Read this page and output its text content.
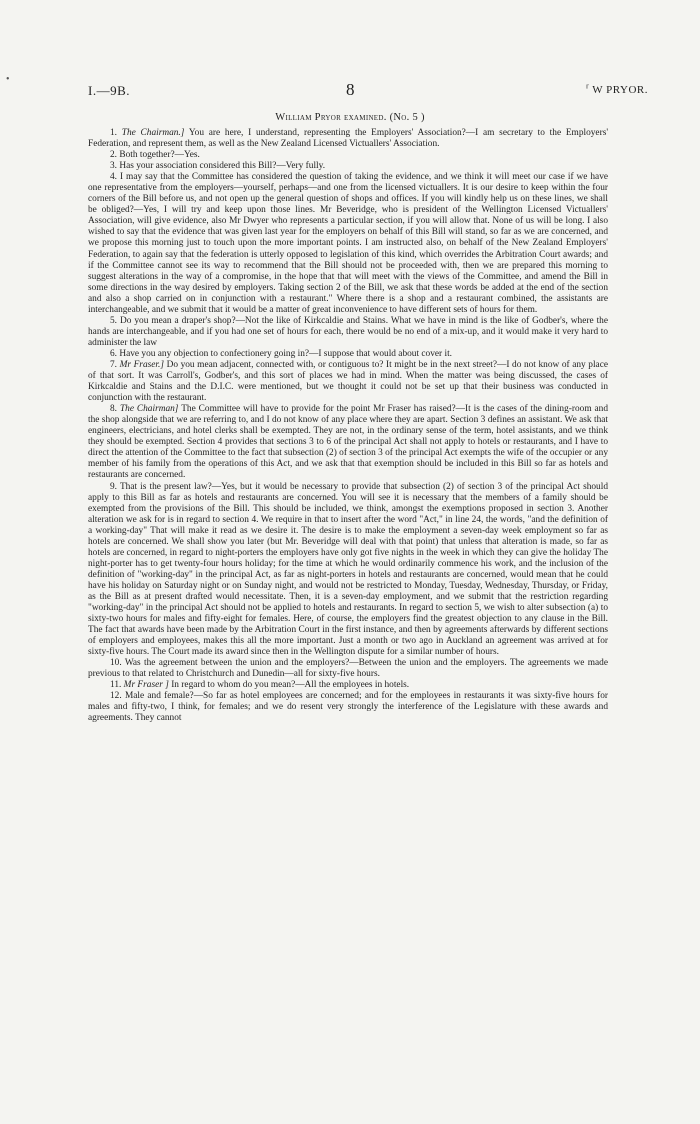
•
I.—9B.	8
⸢	W PRYOR.
William Pryor examined. (No. 5 )

1. The Chairman.] You are here, I understand, representing the Employers' Association?—I am secretary to the Employers' Federation, and represent them, as well as the New Zealand Licensed Victuallers' Association.

2. Both together?—Yes.

3. Has your association considered this Bill?—Very fully.

4. I may say that the Committee has considered the question of taking the evidence, and we think it will meet our case if we have one representative from the employers—yourself, perhaps—and one from the licensed victuallers. It is our desire to keep within the four corners of the Bill before us, and not open up the general question of shops and offices. If you will kindly help us on these lines, we shall be obliged?—Yes, I will try and keep upon those lines. Mr Beveridge, who is president of the Wellington Licensed Victuallers' Association, will give evidence, also Mr Dwyer who represents a particular section, if you will allow that. None of us will be long. I also wished to say that the evidence that was given last year for the employers on behalf of this Bill will stand, so far as we are concerned, and we propose this morning just to touch upon the more important points. I am instructed also, on behalf of the New Zealand Employers' Federation, to again say that the federation is utterly opposed to legislation of this kind, which overrides the Arbitration Court awards; and if the Committee cannot see its way to recommend that the Bill should not be proceeded with, then we are prepared this morning to suggest alterations in the way of a compromise, in the hope that that will meet with the views of the Committee, and amend the Bill in some directions in the way desired by employers. Taking section 2 of the Bill, we ask that these words be added at the end of the section and also a shop carried on in conjunction with a restaurant." Where there is a shop and a restaurant combined, the assistants are interchangeable, and we submit that it would be a matter of great inconvenience to have different sets of hours for them.

5. Do you mean a draper's shop?—Not the like of Kirkcaldie and Stains. What we have in mind is the like of Godber's, where the hands are interchangeable, and if you had one set of hours for each, there would be no end of a mix-up, and it would make it very hard to administer the law

6. Have you any objection to confectionery going in?—I suppose that would about cover it.

7. Mr Fraser.] Do you mean adjacent, connected with, or contiguous to? It might be in the next street?—I do not know of any place of that sort. It was Carroll's, Godber's, and this sort of places we had in mind. When the matter was being discussed, the cases of Kirkcaldie and Stains and the D.I.C. were mentioned, but we thought it could not be set up that their business was conducted in conjunction with the restaurant.

8. The Chairman] The Committee will have to provide for the point Mr Fraser has raised?—It is the cases of the dining-room and the shop alongside that we are referring to, and I do not know of any place where they are apart. Section 3 defines an assistant. We ask that engineers, electricians, and hotel clerks shall be exempted. They are not, in the ordinary sense of the term, hotel assistants, and we think they should be exempted. Section 4 provides that sections 3 to 6 of the principal Act shall not apply to hotels or restaurants, and I have to direct the attention of the Committee to the fact that subsection (2) of section 3 of the principal Act exempts the wife of the occupier or any member of his family from the operations of this Act, and we ask that that exemption should be included in this Bill so far as hotels and restaurants are concerned.

9. That is the present law?—Yes, but it would be necessary to provide that subsection (2) of section 3 of the principal Act should apply to this Bill as far as hotels and restaurants are concerned. You will see it is necessary that the members of a family should be exempted from the provisions of the Bill. This should be included, we think, amongst the exemptions proposed in section 3. Another alteration we ask for is in regard to section 4. We require in that to insert after the word "Act," in line 24, the words, "and the definition of a working-day" That will make it read as we desire it. The desire is to make the employment a seven-day week employment so far as hotels are concerned. We shall show you later (but Mr. Beveridge will deal with that point) that unless that alteration is made, so far as hotels are concerned, in regard to night-porters the employers have only got five nights in the week in which they can give the holiday The night-porter has to get twenty-four hours holiday; for the time at which he would ordinarily commence his work, and the inclusion of the definition of "working-day" in the principal Act, as far as night-porters in hotels and restaurants are concerned, would mean that he could have his holiday on Saturday night or on Sunday night, and would not be restricted to Monday, Tuesday, Wednesday, Thursday, or Friday, as the Bill as at present drafted would necessitate. Then, it is a seven-day employment, and we submit that the restriction regarding "working-day" in the principal Act should not be applied to hotels and restaurants. In regard to section 5, we wish to alter subsection (a) to sixty-two hours for males and fifty-eight for females. Here, of course, the employers find the greatest objection to any clause in the Bill. The fact that awards have been made by the Arbitration Court in the first instance, and then by agreements afterwards by different sections of employers and employees, makes this all the more important. Just a month or two ago in Auckland an agreement was arrived at for sixty-five hours. The Court made its award since then in the Wellington dispute for a similar number of hours.

10. Was the agreement between the union and the employers?—Between the union and the employers. The agreements we made previous to that related to Christchurch and Dunedin—all for sixty-five hours.

11. Mr Fraser ] In regard to whom do you mean?—All the employees in hotels.

12. Male and female?—So far as hotel employees are concerned; and for the employees in restaurants it was sixty-five hours for males and fifty-two, I think, for females; and we do resent very strongly the interference of the Legislature with these awards and agreements. They cannot
